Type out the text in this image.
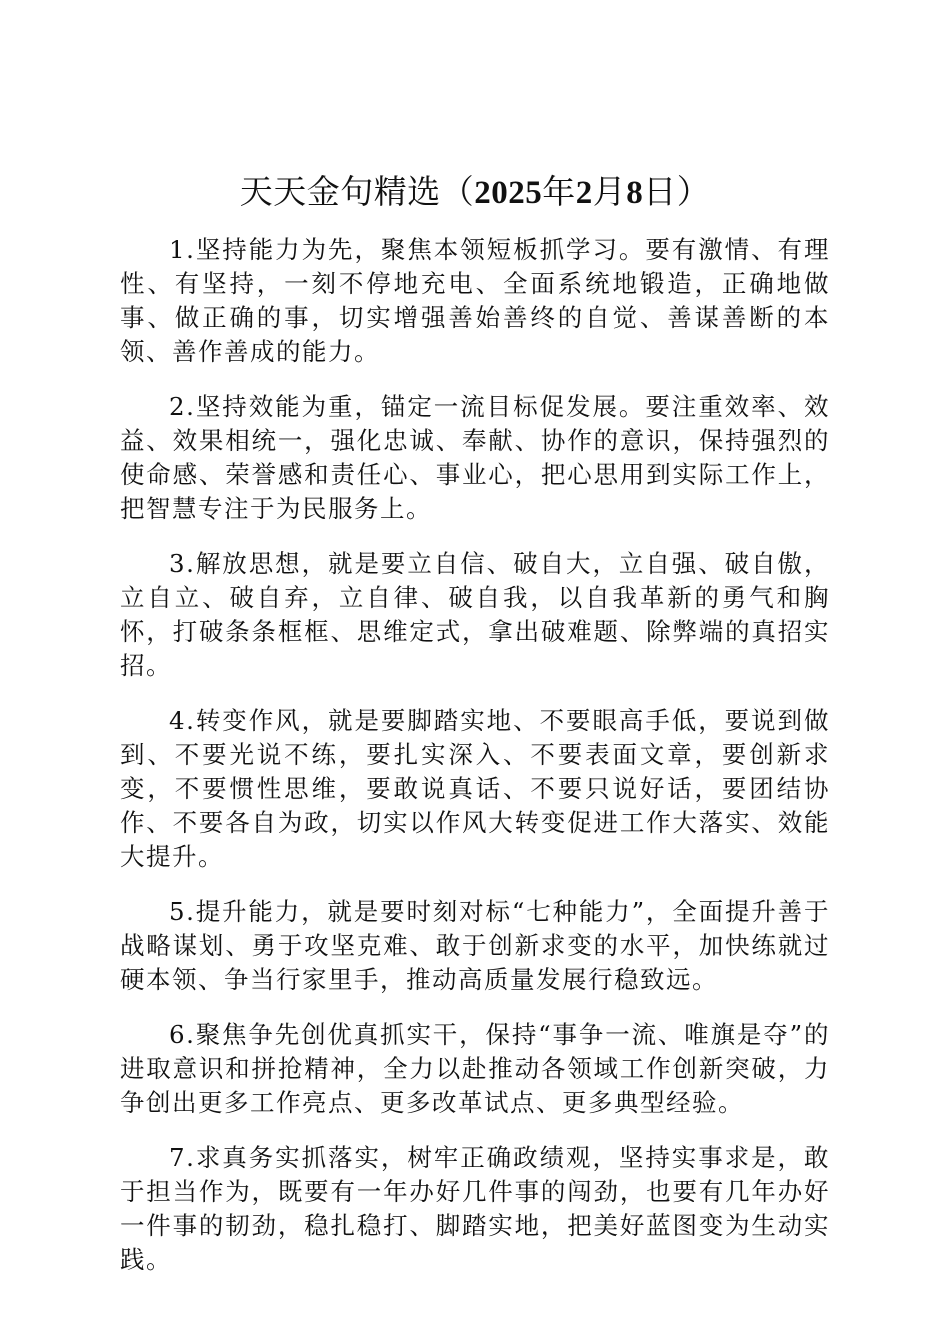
天天金句精选（2025年2月8日）

1.坚持能力为先，聚焦本领短板抓学习。要有激情、有理性、有坚持，一刻不停地充电、全面系统地锻造，正确地做事、做正确的事，切实增强善始善终的自觉、善谋善断的本领、善作善成的能力。

2.坚持效能为重，锚定一流目标促发展。要注重效率、效益、效果相统一，强化忠诚、奉献、协作的意识，保持强烈的使命感、荣誉感和责任心、事业心，把心思用到实际工作上，把智慧专注于为民服务上。

3.解放思想，就是要立自信、破自大，立自强、破自傲，立自立、破自弃，立自律、破自我，以自我革新的勇气和胸怀，打破条条框框、思维定式，拿出破难题、除弊端的真招实招。

4.转变作风，就是要脚踏实地、不要眼高手低，要说到做到、不要光说不练，要扎实深入、不要表面文章，要创新求变，不要惯性思维，要敢说真话、不要只说好话，要团结协作、不要各自为政，切实以作风大转变促进工作大落实、效能大提升。

5.提升能力，就是要时刻对标“七种能力”，全面提升善于战略谋划、勇于攻坚克难、敢于创新求变的水平，加快练就过硬本领、争当行家里手，推动高质量发展行稳致远。

6.聚焦争先创优真抓实干，保持“事争一流、唯旗是夺”的进取意识和拼抢精神，全力以赴推动各领域工作创新突破，力争创出更多工作亮点、更多改革试点、更多典型经验。

7.求真务实抓落实，树牢正确政绩观，坚持实事求是，敢于担当作为，既要有一年办好几件事的闯劲，也要有几年办好一件事的韧劲，稳扎稳打、脚踏实地，把美好蓝图变为生动实践。
